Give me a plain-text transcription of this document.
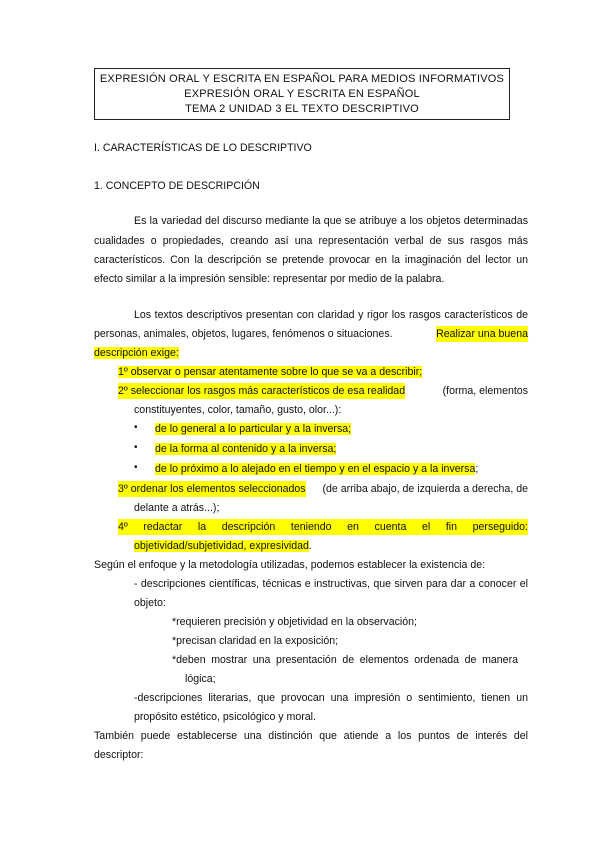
EXPRESIÓN ORAL Y ESCRITA EN ESPAÑOL PARA MEDIOS INFORMATIVOS
EXPRESIÓN ORAL Y ESCRITA EN ESPAÑOL
TEMA 2 UNIDAD 3 EL TEXTO DESCRIPTIVO
I. CARACTERÍSTICAS DE LO DESCRIPTIVO
1. CONCEPTO DE DESCRIPCIÓN
Es la variedad del discurso mediante la que se atribuye a los objetos determinadas
cualidades o propiedades, creando así una representación verbal de sus rasgos más
característicos. Con la descripción se pretende provocar en la imaginación del lector un
efecto similar a la impresión sensible: representar por medio de la palabra.
Los textos descriptivos presentan con claridad y rigor los rasgos característicos de
personas, animales, objetos, lugares, fenómenos o situaciones.	Realizar una buena
descripción exige:
1º observar o pensar atentamente sobre lo que se va a describir;
2º seleccionar los rasgos más característicos de esa realidad	(forma, elementos
constituyentes, color, tamaño, gusto, olor...):
• de lo general a lo particular y a la inversa;
• de la forma al contenido y a la inversa;
• de lo próximo a lo alejado en el tiempo y en el espacio y a la inversa;
3º ordenar los elementos seleccionados (de arriba abajo, de izquierda a derecha, de
delante a atrás...);
4º redactar la descripción teniendo en cuenta el fin perseguido:
objetividad/subjetividad, expresividad.
Según el enfoque y la metodología utilizadas, podemos establecer la existencia de:
- descripciones científicas, técnicas e instructivas, que sirven para dar a conocer el
objeto:
*requieren precisión y objetividad en la observación;
*precisan claridad en la exposición;
*deben mostrar una presentación de elementos ordenada de manera
lógica;
-descripciones literarias, que provocan una impresión o sentimiento, tienen un
propósito estético, psicológico y moral.
También puede establecerse una distinción que atiende a los puntos de interés del
descriptor:
